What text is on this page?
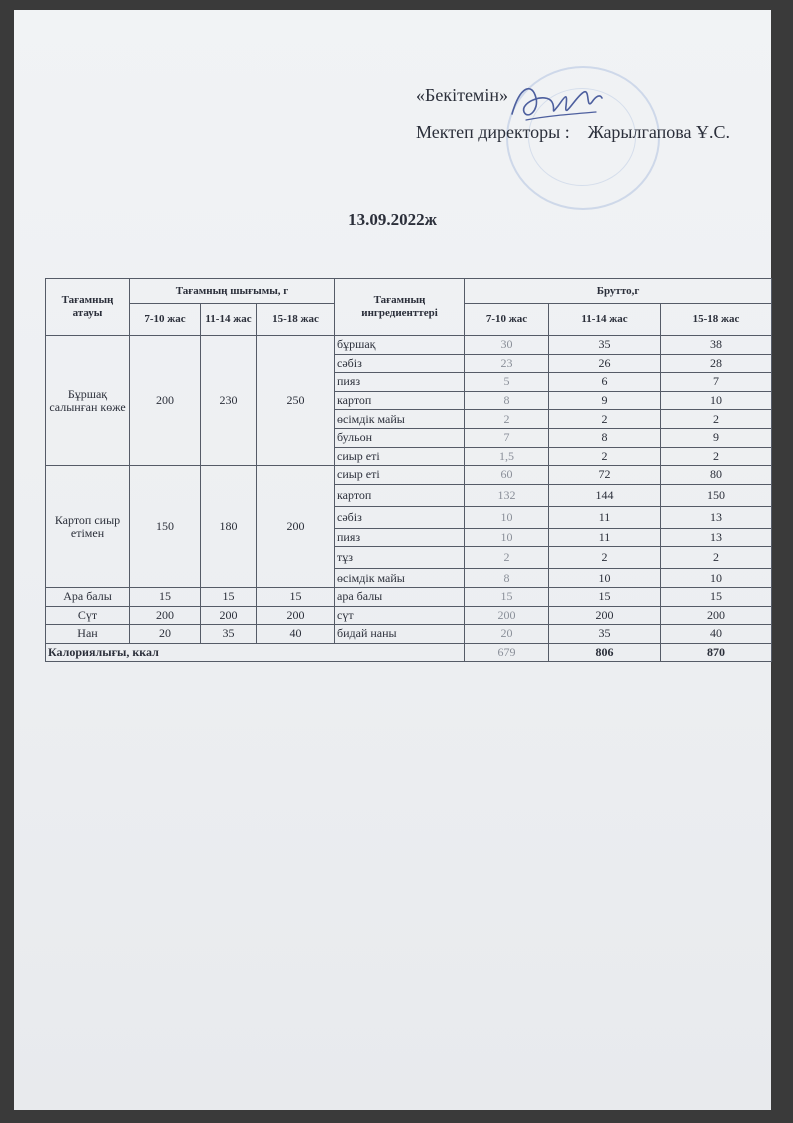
«Бекітемін»
Мектеп директоры : Жарылгапова Ұ.С.
13.09.2022ж
Тағамның атауы	Тағамның шығымы, г			Тағамның ингредиенттері	Брутто,г		
	7-10 жас	11-14 жас	15-18 жас		7-10 жас	11-14 жас	15-18 жас
Бұршақ салынған көже	200	230	250	бұршақ	30	35	38
				сәбіз	23	26	28
				пияз	5	6	7
				картоп	8	9	10
				өсімдік майы	2	2	2
				бульон	7	8	9
				сиыр еті	1,5	2	2
Картоп сиыр етімен	150	180	200	сиыр еті	60	72	80
				картоп	132	144	150
				сәбіз	10	11	13
				пияз	10	11	13
				тұз	2	2	2
				өсімдік майы	8	10	10
Ара балы	15	15	15	ара балы	15	15	15
Сүт	200	200	200	сүт	200	200	200
Нан	20	35	40	бидай наны	20	35	40
Калориялығы, ккал					679	806	870
